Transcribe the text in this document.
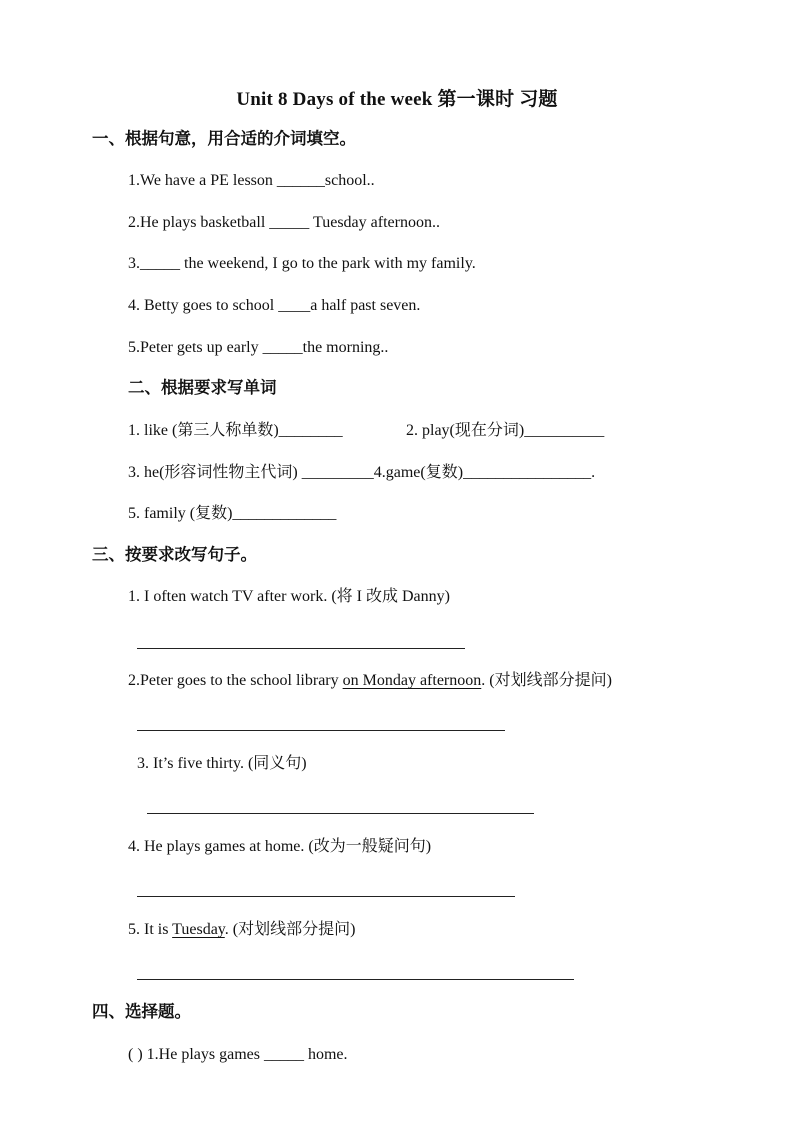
Unit 8 Days of the week 第一课时 习题
一、根据句意，用合适的介词填空。
1.We have a PE lesson ______school..
2.He plays basketball _____ Tuesday afternoon..
3._____ the weekend, I go to the park with my family.
4. Betty goes to school ____a half past seven.
5.Peter gets up early _____the morning..
二、根据要求写单词
1. like (第三人称单数)________	2. play(现在分词)__________
3. he(形容词性物主代词) _________4.game(复数)________________.
5. family (复数)_____________
三、按要求改写句子。
1. I often watch TV after work. (将 I 改成 Danny)
2.Peter goes to the school library on Monday afternoon. (对划线部分提问)
3. It’s five thirty. (同义句)
4. He plays games at home. (改为一般疑问句)
5. It is Tuesday. (对划线部分提问)
四、选择题。
( ) 1.He plays games _____ home.
